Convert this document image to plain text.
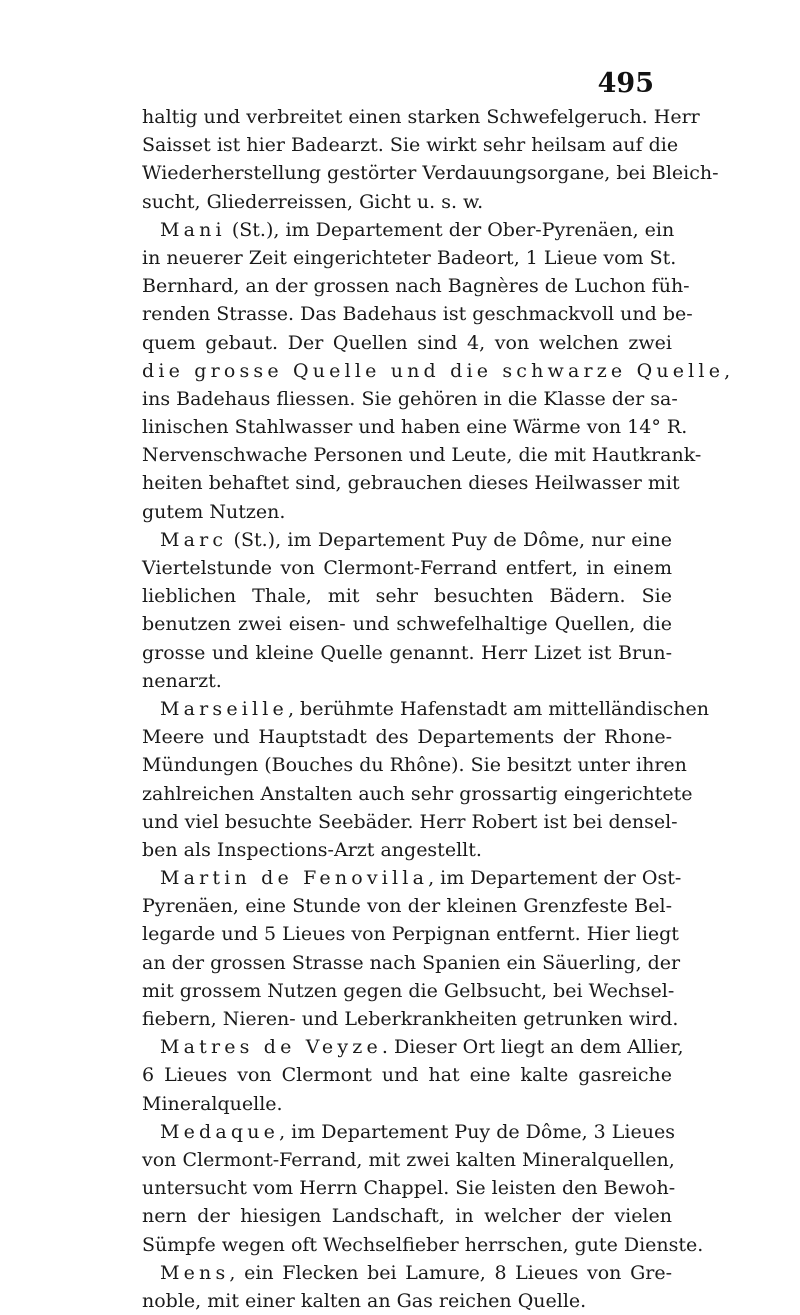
495
haltig und verbreitet einen starken Schwefelgeruch. Herr
Saisset ist hier Badearzt. Sie wirkt sehr heilsam auf die
Wiederherstellung gestörter Verdauungsorgane, bei Bleich-
sucht, Gliederreissen, Gicht u. s. w.
Mani (St.), im Departement der Ober-Pyrenäen, ein
in neuerer Zeit eingerichteter Badeort, 1 Lieue vom St.
Bernhard, an der grossen nach Bagnères de Luchon füh-
renden Strasse. Das Badehaus ist geschmackvoll und be-
quem gebaut. Der Quellen sind 4, von welchen zwei
die grosse Quelle und die schwarze Quelle,
ins Badehaus fliessen. Sie gehören in die Klasse der sa-
linischen Stahlwasser und haben eine Wärme von 14° R.
Nervenschwache Personen und Leute, die mit Hautkrank-
heiten behaftet sind, gebrauchen dieses Heilwasser mit
gutem Nutzen.
Marc (St.), im Departement Puy de Dôme, nur eine
Viertelstunde von Clermont-Ferrand entfert, in einem
lieblichen Thale, mit sehr besuchten Bädern. Sie
benutzen zwei eisen- und schwefelhaltige Quellen, die
grosse und kleine Quelle genannt. Herr Lizet ist Brun-
nenarzt.
Marseille, berühmte Hafenstadt am mittelländischen
Meere und Hauptstadt des Departements der Rhone-
Mündungen (Bouches du Rhône). Sie besitzt unter ihren
zahlreichen Anstalten auch sehr grossartig eingerichtete
und viel besuchte Seebäder. Herr Robert ist bei densel-
ben als Inspections-Arzt angestellt.
Martin de Fenovilla, im Departement der Ost-
Pyrenäen, eine Stunde von der kleinen Grenzfeste Bel-
legarde und 5 Lieues von Perpignan entfernt. Hier liegt
an der grossen Strasse nach Spanien ein Säuerling, der
mit grossem Nutzen gegen die Gelbsucht, bei Wechsel-
fiebern, Nieren- und Leberkrankheiten getrunken wird.
Matres de Veyze. Dieser Ort liegt an dem Allier,
6 Lieues von Clermont und hat eine kalte gasreiche
Mineralquelle.
Medaque, im Departement Puy de Dôme, 3 Lieues
von Clermont-Ferrand, mit zwei kalten Mineralquellen,
untersucht vom Herrn Chappel. Sie leisten den Bewoh-
nern der hiesigen Landschaft, in welcher der vielen
Sümpfe wegen oft Wechselfieber herrschen, gute Dienste.
Mens, ein Flecken bei Lamure, 8 Lieues von Gre-
noble, mit einer kalten an Gas reichen Quelle.
